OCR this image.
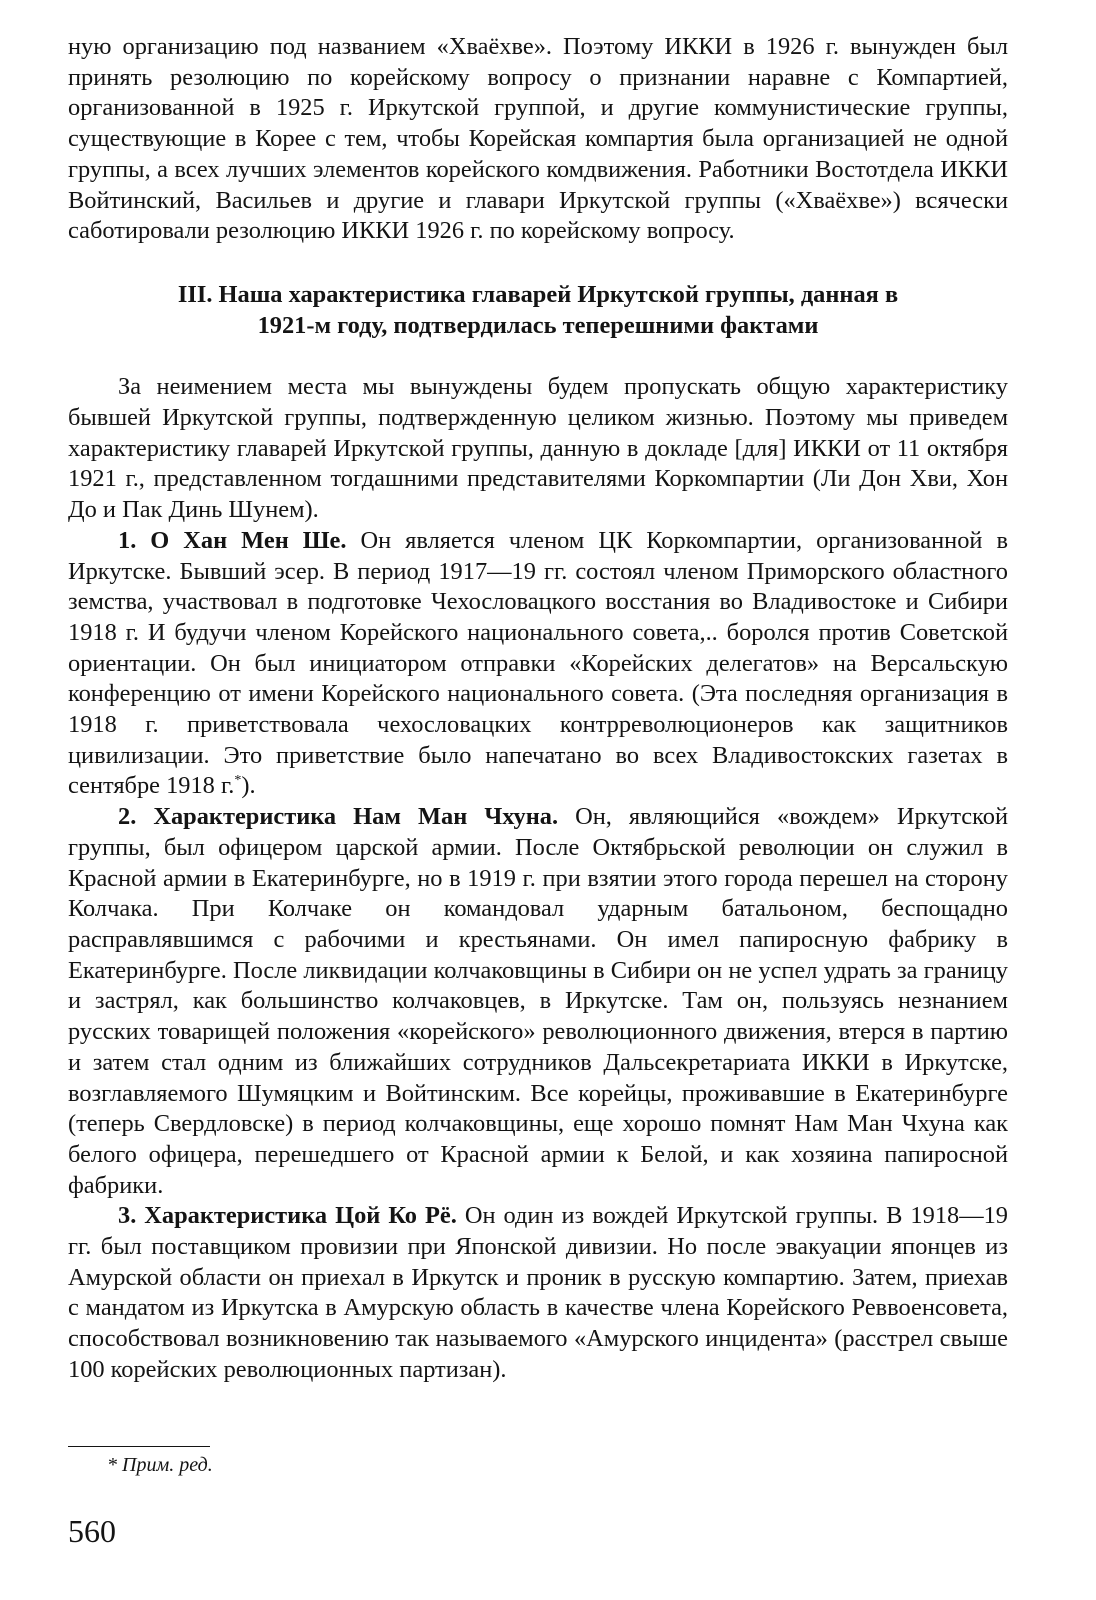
ную организацию под названием «Хваёхве». Поэтому ИККИ в 1926 г. вынужден был принять резолюцию по корейскому вопросу о признании наравне с Компартией, организованной в 1925 г. Иркутской группой, и другие коммунистические группы, существующие в Корее с тем, чтобы Корейская компартия была организацией не одной группы, а всех лучших элементов корейского комдвижения. Работники Востотдела ИККИ Войтинский, Васильев и другие и главари Иркутской группы («Хваёхве») всячески саботировали резолюцию ИККИ 1926 г. по корейскому вопросу.

III. Наша характеристика главарей Иркутской группы, данная в
1921-м году, подтвердилась теперешними фактами

За неимением места мы вынуждены будем пропускать общую характеристику бывшей Иркутской группы, подтвержденную целиком жизнью. Поэтому мы приведем характеристику главарей Иркутской группы, данную в докладе [для] ИККИ от 11 октября 1921 г., представленном тогдашними представителями Коркомпартии (Ли Дон Хви, Хон До и Пак Динь Шунем).

1. О Хан Мен Ше. Он является членом ЦК Коркомпартии, организованной в Иркутске. Бывший эсер. В период 1917—19 гг. состоял членом Приморского областного земства, участвовал в подготовке Чехословацкого восстания во Владивостоке и Сибири 1918 г. И будучи членом Корейского национального совета,.. боролся против Советской ориентации. Он был инициатором отправки «Корейских делегатов» на Версальскую конференцию от имени Корейского национального совета. (Эта последняя организация в 1918 г. приветствовала чехословацких контрреволюционеров как защитников цивилизации. Это приветствие было напечатано во всех Владивостокских газетах в сентябре 1918 г.*).

2. Характеристика Нам Ман Чхуна. Он, являющийся «вождем» Иркутской группы, был офицером царской армии. После Октябрьской революции он служил в Красной армии в Екатеринбурге, но в 1919 г. при взятии этого города перешел на сторону Колчака. При Колчаке он командовал ударным батальоном, беспощадно расправлявшимся с рабочими и крестьянами. Он имел папиросную фабрику в Екатеринбурге. После ликвидации колчаковщины в Сибири он не успел удрать за границу и застрял, как большинство колчаковцев, в Иркутске. Там он, пользуясь незнанием русских товарищей положения «корейского» революционного движения, втерся в партию и затем стал одним из ближайших сотрудников Дальсекретариата ИККИ в Иркутске, возглавляемого Шумяцким и Войтинским. Все корейцы, проживавшие в Екатеринбурге (теперь Свердловске) в период колчаковщины, еще хорошо помнят Нам Ман Чхуна как белого офицера, перешедшего от Красной армии к Белой, и как хозяина папиросной фабрики.

3. Характеристика Цой Ко Рё. Он один из вождей Иркутской группы. В 1918—19 гг. был поставщиком провизии при Японской дивизии. Но после эвакуации японцев из Амурской области он приехал в Иркутск и проник в русскую компартию. Затем, приехав с мандатом из Иркутска в Амурскую область в качестве члена Корейского Реввоенсовета, способствовал возникновению так называемого «Амурского инцидента» (расстрел свыше 100 корейских революционных партизан).

* Прим. ред.
560
